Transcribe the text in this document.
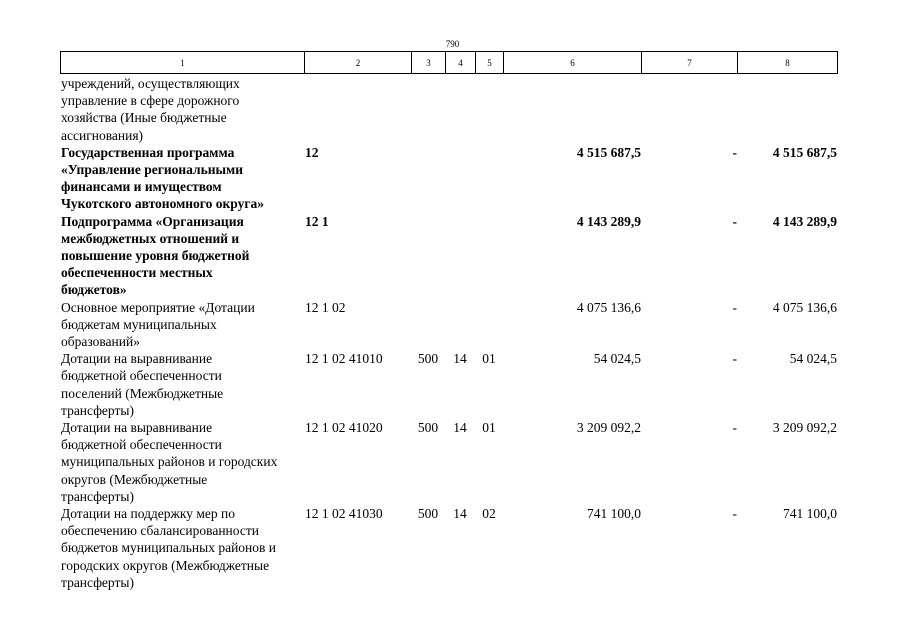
790
1	2	3	4	5	6	7	8
учреждений, осуществляющих
управление в сфере дорожного
хозяйства (Иные бюджетные
ассигнования)							

Государственная программа
«Управление региональными
финансами и имуществом
Чукотского автономного округа»	12				4 515 687,5	-	4 515 687,5

Подпрограмма «Организация
межбюджетных отношений и
повышение уровня бюджетной
обеспеченности местных
бюджетов»	12 1				4 143 289,9	-	4 143 289,9

Основное мероприятие «Дотации
бюджетам муниципальных
образований»	12 1 02				4 075 136,6	-	4 075 136,6

Дотации на выравнивание
бюджетной обеспеченности
поселений (Межбюджетные
трансферты)	12 1 02 41010	500	14	01	54 024,5	-	54 024,5

Дотации на выравнивание
бюджетной обеспеченности
муниципальных районов и городских
округов (Межбюджетные
трансферты)	12 1 02 41020	500	14	01	3 209 092,2	-	3 209 092,2

Дотации на поддержку мер по
обеспечению сбалансированности
бюджетов муниципальных районов и
городских округов (Межбюджетные
трансферты)	12 1 02 41030	500	14	02	741 100,0	-	741 100,0
